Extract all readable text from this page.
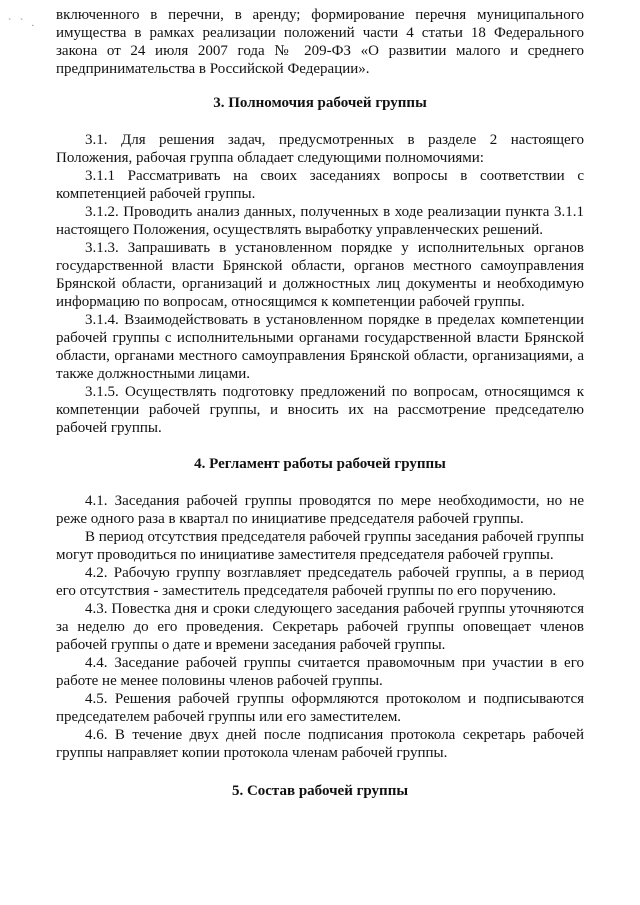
` ` .

включенного в перечни, в аренду; формирование перечня муниципального имущества в рамках реализации положений части 4 статьи 18 Федерального закона от 24 июля 2007 года № 209-ФЗ «О развитии малого и среднего предпринимательства в Российской Федерации».

3. Полномочия рабочей группы

3.1. Для решения задач, предусмотренных в разделе 2 настоящего Положения, рабочая группа обладает следующими полномочиями:

3.1.1 Рассматривать на своих заседаниях вопросы в соответствии с компетенцией рабочей группы.

3.1.2. Проводить анализ данных, полученных в ходе реализации пункта 3.1.1 настоящего Положения, осуществлять выработку управленческих решений.

3.1.3. Запрашивать в установленном порядке у исполнительных органов государственной власти Брянской области, органов местного самоуправления Брянской области, организаций и должностных лиц документы и необходимую информацию по вопросам, относящимся к компетенции рабочей группы.

3.1.4. Взаимодействовать в установленном порядке в пределах компетенции рабочей группы с исполнительными органами государственной власти Брянской области, органами местного самоуправления Брянской области, организациями, а также должностными лицами.

3.1.5. Осуществлять подготовку предложений по вопросам, относящимся к компетенции рабочей группы, и вносить их на рассмотрение председателю рабочей группы.

4. Регламент работы рабочей группы

4.1. Заседания рабочей группы проводятся по мере необходимости, но не реже одного раза в квартал по инициативе председателя рабочей группы.

В период отсутствия председателя рабочей группы заседания рабочей группы могут проводиться по инициативе заместителя председателя рабочей группы.

4.2. Рабочую группу возглавляет председатель рабочей группы, а в период его отсутствия - заместитель председателя рабочей группы по его поручению.

4.3. Повестка дня и сроки следующего заседания рабочей группы уточняются за неделю до его проведения. Секретарь рабочей группы оповещает членов рабочей группы о дате и времени заседания рабочей группы.

4.4. Заседание рабочей группы считается правомочным при участии в его работе не менее половины членов рабочей группы.

4.5. Решения рабочей группы оформляются протоколом и подписываются председателем рабочей группы или его заместителем.

4.6. В течение двух дней после подписания протокола секретарь рабочей группы направляет копии протокола членам рабочей группы.

5. Состав рабочей группы
